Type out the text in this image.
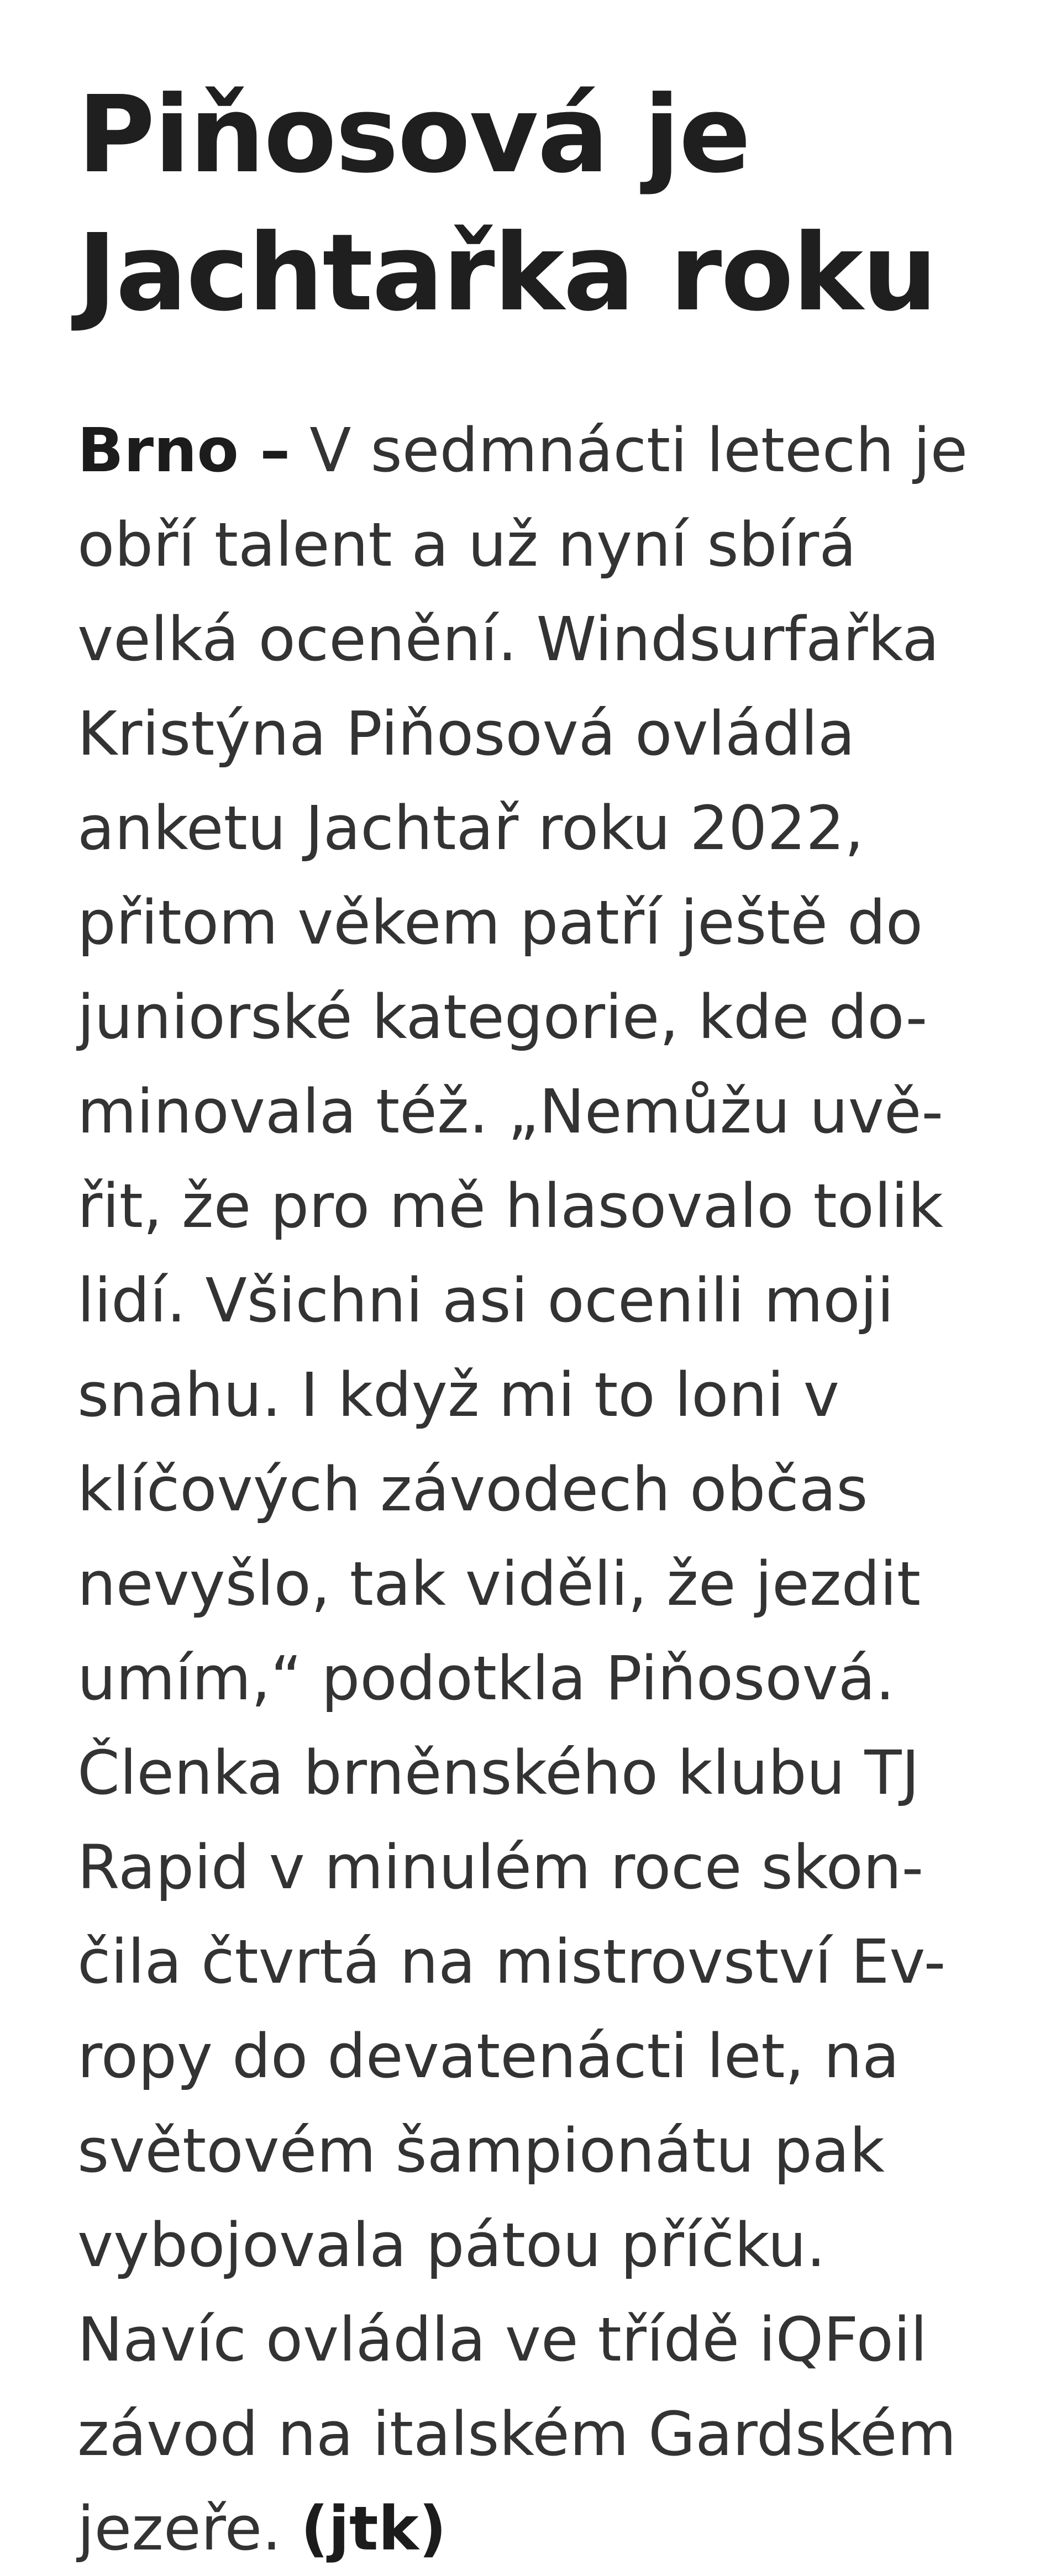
Piňosová je
Jachtařka roku
Brno – V sedmnácti letech je
obří talent a už nyní sbírá
velká ocenění. Windsurfařka
Kristýna Piňosová ovládla
anketu Jachtař roku 2022,
přitom věkem patří ještě do
juniorské kategorie, kde do-
minovala též. „Nemůžu uvě-
řit, že pro mě hlasovalo tolik
lidí. Všichni asi ocenili moji
snahu. I když mi to loni v
klíčových závodech občas
nevyšlo, tak viděli, že jezdit
umím,“ podotkla Piňosová.
Členka brněnského klubu TJ
Rapid v minulém roce skon-
čila čtvrtá na mistrovství Ev-
ropy do devatenácti let, na
světovém šampionátu pak
vybojovala pátou příčku.
Navíc ovládla ve třídě iQFoil
závod na italském Gardském
jezeře. (jtk)
